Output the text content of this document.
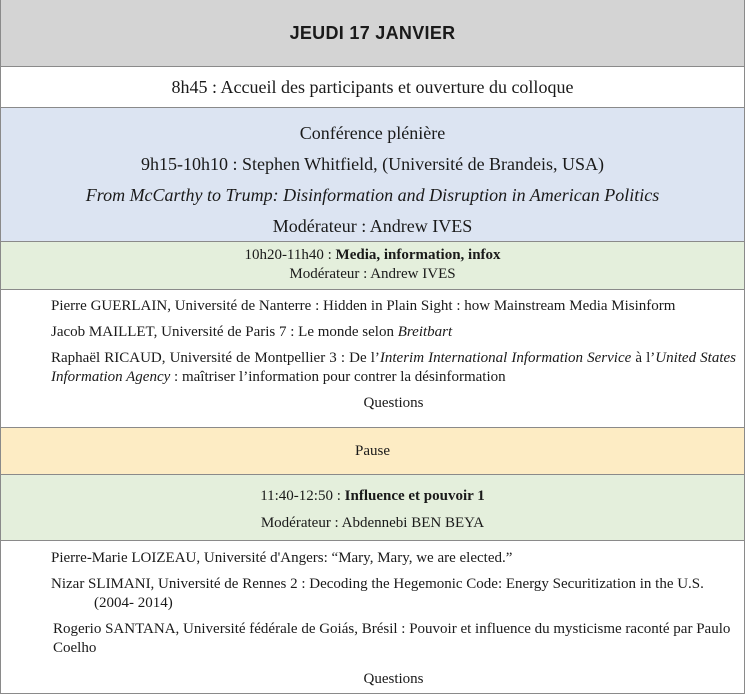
JEUDI 17 JANVIER
8h45 : Accueil des participants et ouverture du colloque
Conférence plénière
9h15-10h10 : Stephen Whitfield, (Université de Brandeis, USA)
From McCarthy to Trump: Disinformation and Disruption in American Politics
Modérateur : Andrew IVES
10h20-11h40 : Media, information, infox
Modérateur : Andrew IVES
Pierre GUERLAIN, Université de Nanterre : Hidden in Plain Sight : how Mainstream Media Misinform
Jacob MAILLET, Université de Paris 7 : Le monde selon Breitbart
Raphaël RICAUD, Université de Montpellier 3 : De l’Interim International Information Service à l’United States Information Agency : maîtriser l’information pour contrer la désinformation
Questions
Pause
11:40-12:50 : Influence et pouvoir 1
Modérateur : Abdennebi BEN BEYA
Pierre-Marie LOIZEAU, Université d'Angers: “Mary, Mary, we are elected.”
Nizar SLIMANI, Université de Rennes 2 : Decoding the Hegemonic Code: Energy Securitization in the U.S. (2004- 2014)
Rogerio SANTANA, Université fédérale de Goiás, Brésil : Pouvoir et influence du mysticisme raconté par Paulo Coelho
Questions
